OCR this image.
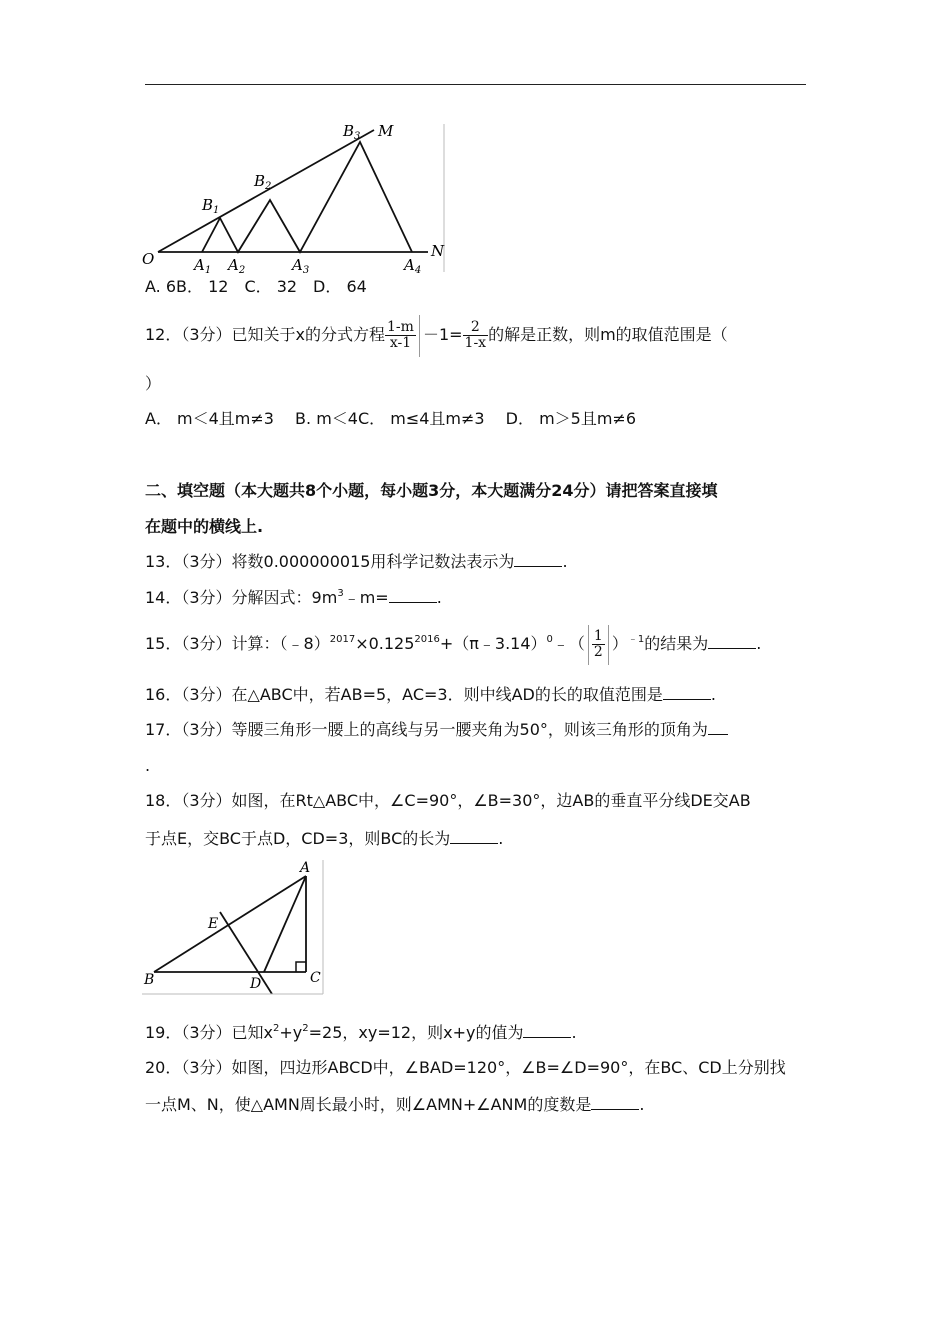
O
M
N
$B_1$
$B_2$
$B_3$
$A_1$ $A_2$	$A_3$	$A_4$
A. 6B． 12　C． 32　D． 64
12．（3分）已知关于x的分式方程 $\frac{1-m}{x-1} -1= \frac{2}{1-x}$ 的解是正数，则m的取值范围是（
）
A． m＜4且m≠3　 B. m＜4C． m≤4且m≠3　 D． m＞5且m≠6
二、填空题（本大题共8个小题，每小题3分，本大题满分24分）请把答案直接填
在题中的横线上.
13．（3分）将数0.000000015用科学记数法表示为	.
14．（3分）分解因式：$9m^3﹣m=$	.
15．（3分）计算：$(﹣8)^{2017}\times 0.125^{2016}+(\pi﹣3.14)^0﹣( \frac{1}{2} )^{﹣1}$的结果为	.
16．（3分）在△ABC中，若AB=5，AC=3．则中线AD的长的取值范围是	.
17．（3分）等腰三角形一腰上的高线与另一腰夹角为50°，则该三角形的顶角为
.
18．（3分）如图，在Rt△ABC中，∠C=90°，∠B=30°，边AB的垂直平分线DE交AB
于点E，交BC于点D，CD=3，则BC的长为	.
A
B	C
D
E
19．（3分）已知$x^2+y^2=25$，xy=12，则x+y的值为	.
20．（3分）如图，四边形ABCD中，∠BAD=120°，∠B=∠D=90°，在BC、CD上分别找
一点M、N，使△AMN周长最小时，则∠AMN+∠ANM的度数是	.
